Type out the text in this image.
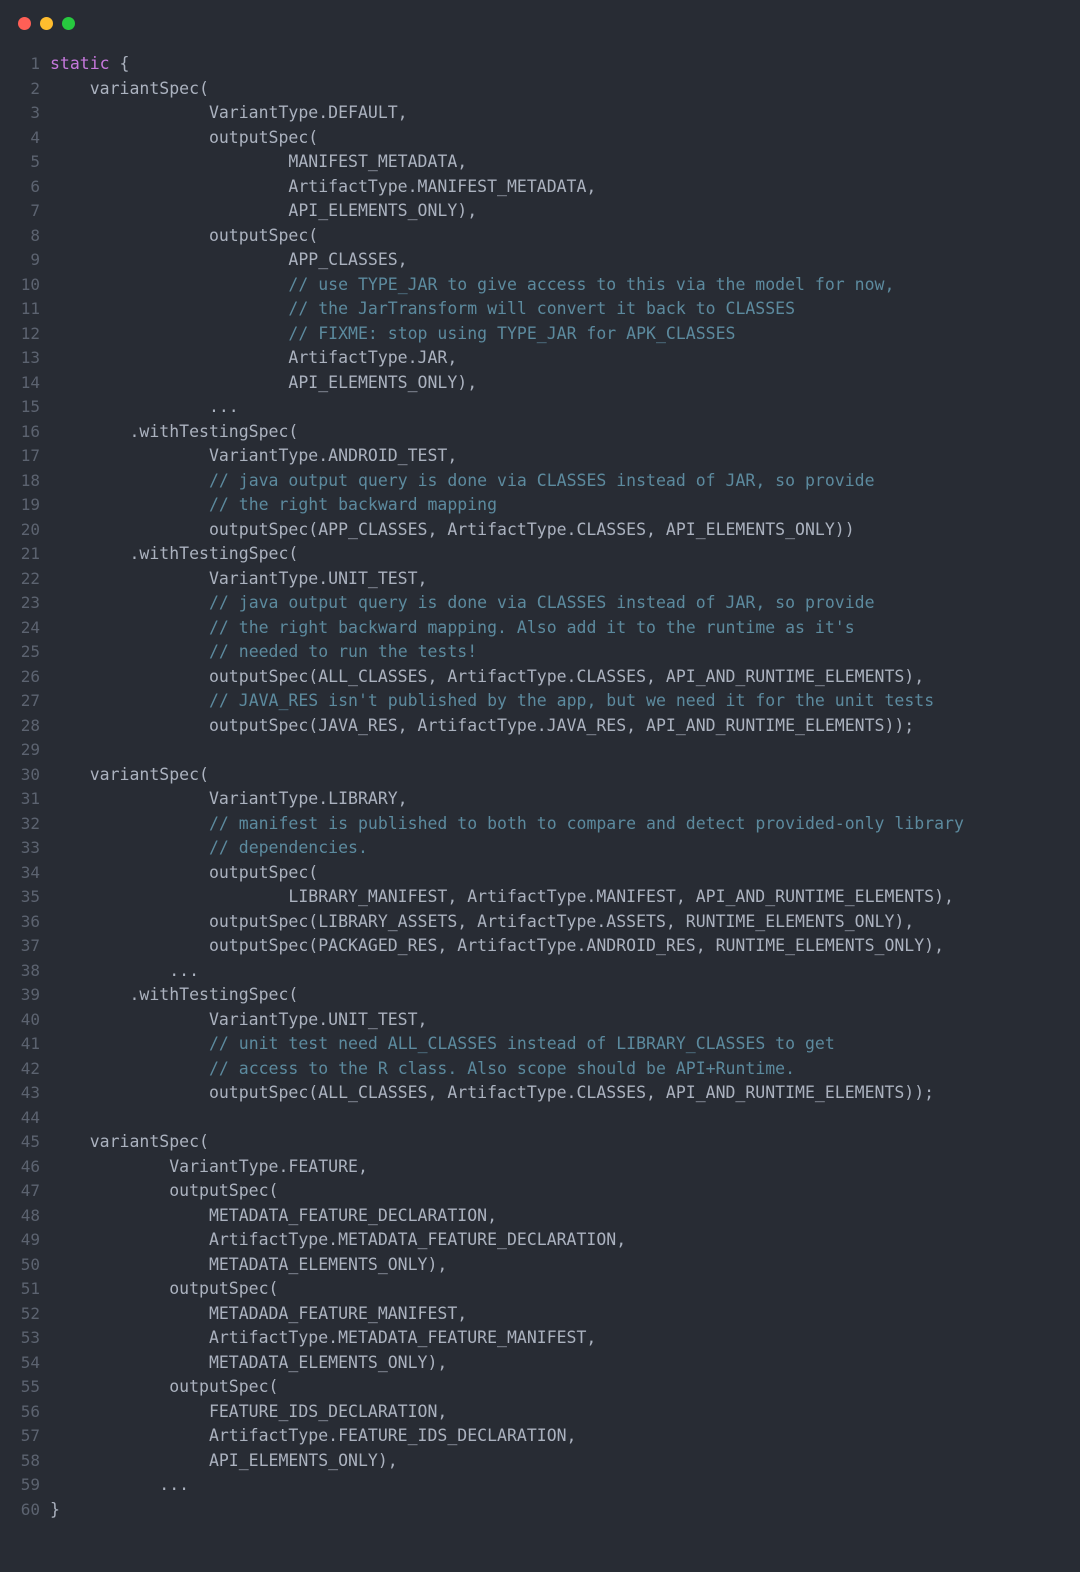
1 static {
2 variantSpec(
3 VariantType.DEFAULT,
4 outputSpec(
5 MANIFEST_METADATA,
6 ArtifactType.MANIFEST_METADATA,
7 API_ELEMENTS_ONLY),
8 outputSpec(
9 APP_CLASSES,
10	// use TYPE_JAR to give access to this via the model for now,
11	// the JarTransform will convert it back to CLASSES
12	// FIXME: stop using TYPE_JAR for APK_CLASSES
13 ArtifactType.JAR,
14 API_ELEMENTS_ONLY),
15 ...
16 .withTestingSpec(
17 VariantType.ANDROID_TEST,
18	// java output query is done via CLASSES instead of JAR, so provide
19	// the right backward mapping
20 outputSpec(APP_CLASSES, ArtifactType.CLASSES, API_ELEMENTS_ONLY))
21 .withTestingSpec(
22 VariantType.UNIT_TEST,
23	// java output query is done via CLASSES instead of JAR, so provide
24	// the right backward mapping. Also add it to the runtime as it's
25	// needed to run the tests!
26 outputSpec(ALL_CLASSES, ArtifactType.CLASSES, API_AND_RUNTIME_ELEMENTS),
27	// JAVA_RES isn't published by the app, but we need it for the unit tests
28 outputSpec(JAVA_RES, ArtifactType.JAVA_RES, API_AND_RUNTIME_ELEMENTS));
29
30 variantSpec(
31 VariantType.LIBRARY,
32	// manifest is published to both to compare and detect provided-only library
33	// dependencies.
34 outputSpec(
35 LIBRARY_MANIFEST, ArtifactType.MANIFEST, API_AND_RUNTIME_ELEMENTS),
36 outputSpec(LIBRARY_ASSETS, ArtifactType.ASSETS, RUNTIME_ELEMENTS_ONLY),
37 outputSpec(PACKAGED_RES, ArtifactType.ANDROID_RES, RUNTIME_ELEMENTS_ONLY),
38 ...
39 .withTestingSpec(
40 VariantType.UNIT_TEST,
41	// unit test need ALL_CLASSES instead of LIBRARY_CLASSES to get
42	// access to the R class. Also scope should be API+Runtime.
43 outputSpec(ALL_CLASSES, ArtifactType.CLASSES, API_AND_RUNTIME_ELEMENTS));
44
45 variantSpec(
46 VariantType.FEATURE,
47 outputSpec(
48 METADATA_FEATURE_DECLARATION,
49 ArtifactType.METADATA_FEATURE_DECLARATION,
50 METADATA_ELEMENTS_ONLY),
51 outputSpec(
52 METADADA_FEATURE_MANIFEST,
53 ArtifactType.METADATA_FEATURE_MANIFEST,
54 METADATA_ELEMENTS_ONLY),
55 outputSpec(
56 FEATURE_IDS_DECLARATION,
57 ArtifactType.FEATURE_IDS_DECLARATION,
58 API_ELEMENTS_ONLY),
59 ...
60 }
